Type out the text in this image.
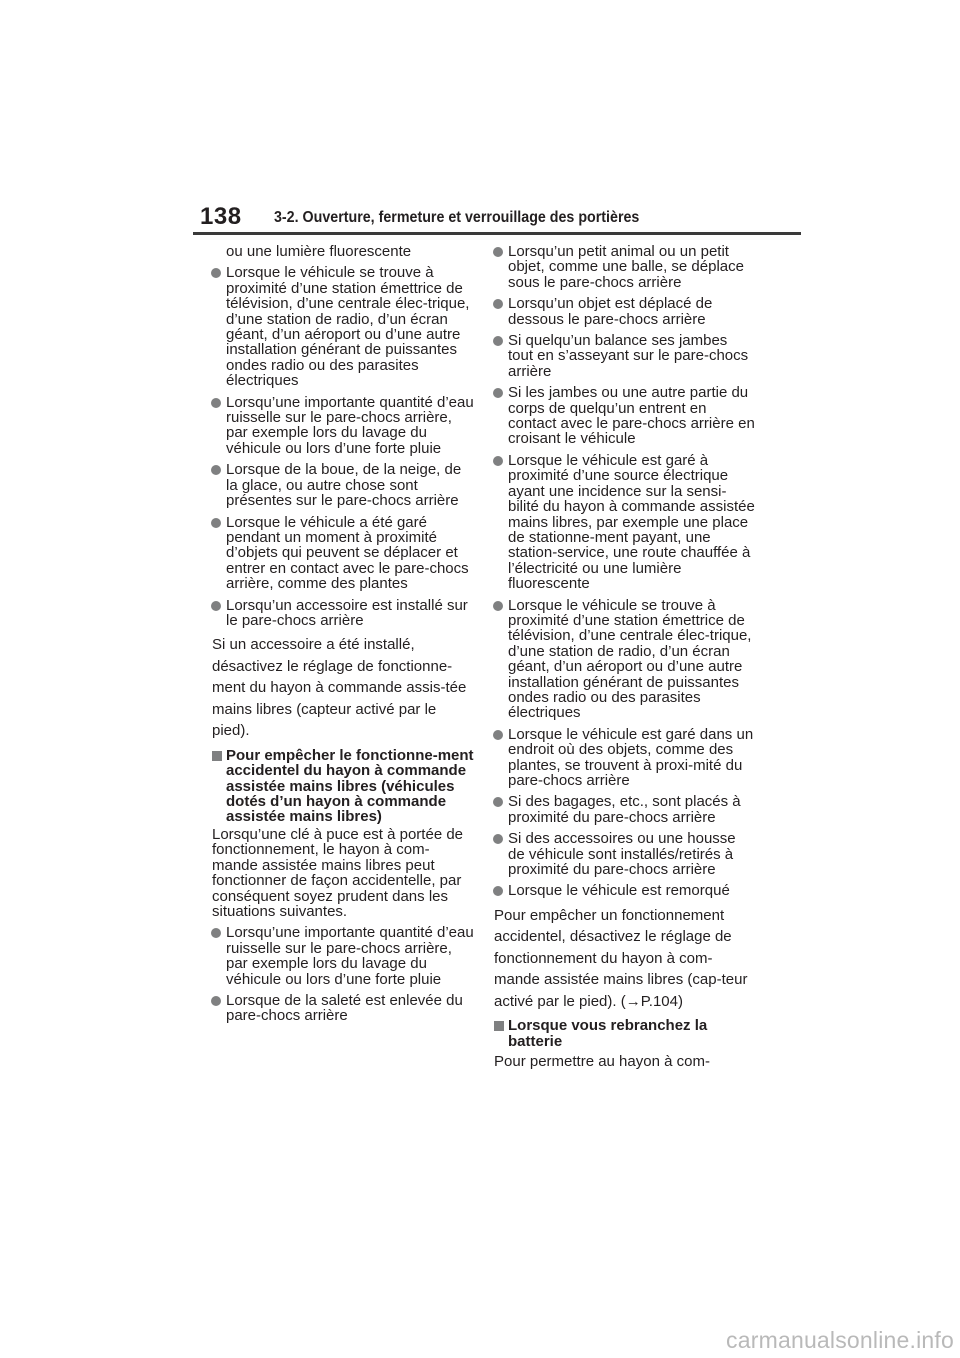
138 3-2. Ouverture, fermeture et verrouillage des portières
ou une lumière fluorescente
Lorsque le véhicule se trouve à proximité d’une station émettrice de télévision, d’une centrale élec-trique, d’une station de radio, d’un écran géant, d’un aéroport ou d’une autre installation générant de puissantes ondes radio ou des parasites électriques
Lorsqu’une importante quantité d’eau ruisselle sur le pare-chocs arrière, par exemple lors du lavage du véhicule ou lors d’une forte pluie
Lorsque de la boue, de la neige, de la glace, ou autre chose sont présentes sur le pare-chocs arrière
Lorsque le véhicule a été garé pendant un moment à proximité d’objets qui peuvent se déplacer et entrer en contact avec le pare-chocs arrière, comme des plantes
Lorsqu’un accessoire est installé sur le pare-chocs arrière
Si un accessoire a été installé, désactivez le réglage de fonctionne-ment du hayon à commande assis-tée mains libres (capteur activé par le pied).
Pour empêcher le fonctionne-ment accidentel du hayon à commande assistée mains libres (véhicules dotés d’un hayon à commande assistée mains libres)
Lorsqu’une clé à puce est à portée de fonctionnement, le hayon à com-mande assistée mains libres peut fonctionner de façon accidentelle, par conséquent soyez prudent dans les situations suivantes.
Lorsqu’une importante quantité d’eau ruisselle sur le pare-chocs arrière, par exemple lors du lavage du véhicule ou lors d’une forte pluie
Lorsque de la saleté est enlevée du pare-chocs arrière
Lorsqu’un petit animal ou un petit objet, comme une balle, se déplace sous le pare-chocs arrière
Lorsqu’un objet est déplacé de dessous le pare-chocs arrière
Si quelqu’un balance ses jambes tout en s’asseyant sur le pare-chocs arrière
Si les jambes ou une autre partie du corps de quelqu’un entrent en contact avec le pare-chocs arrière en croisant le véhicule
Lorsque le véhicule est garé à proximité d’une source électrique ayant une incidence sur la sensi-bilité du hayon à commande assistée mains libres, par exemple une place de stationne-ment payant, une station-service, une route chauffée à l’électricité ou une lumière fluorescente
Lorsque le véhicule se trouve à proximité d’une station émettrice de télévision, d’une centrale élec-trique, d’une station de radio, d’un écran géant, d’un aéroport ou d’une autre installation générant de puissantes ondes radio ou des parasites électriques
Lorsque le véhicule est garé dans un endroit où des objets, comme des plantes, se trouvent à proxi-mité du pare-chocs arrière
Si des bagages, etc., sont placés à proximité du pare-chocs arrière
Si des accessoires ou une housse de véhicule sont installés/retirés à proximité du pare-chocs arrière
Lorsque le véhicule est remorqué
Pour empêcher un fonctionnement accidentel, désactivez le réglage de fonctionnement du hayon à com-mande assistée mains libres (cap-teur activé par le pied). (→P.104)
Lorsque vous rebranchez la batterie
Pour permettre au hayon à com-
carmanualsonline.info
